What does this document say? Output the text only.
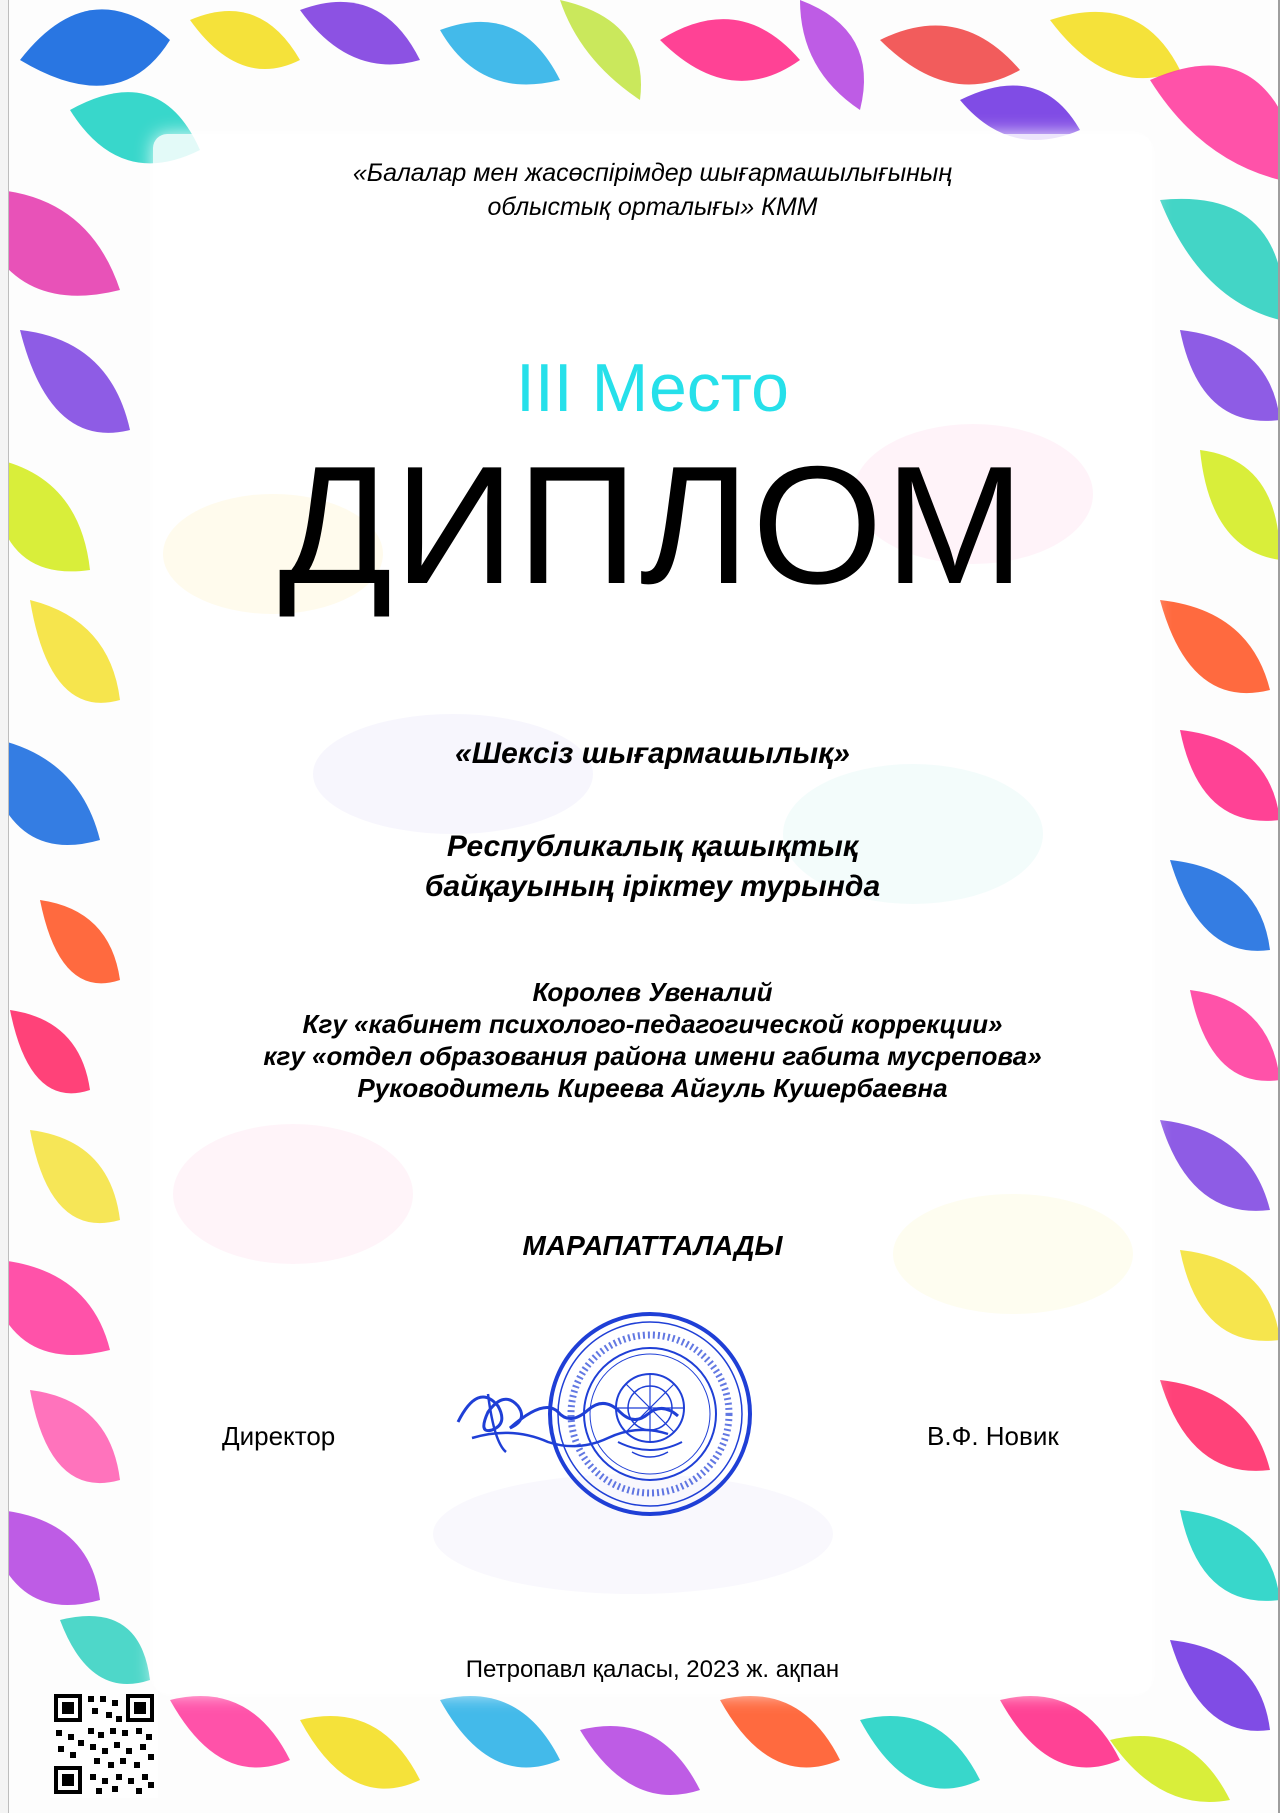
«Балалар мен жасөспірімдер шығармашылығының
облыстық орталығы» КММ

III Место

ДИПЛОМ

«Шексіз шығармашылық»

Республикалық қашықтық
байқауының іріктеу турында

Королев Увеналий
Кгу «кабинет психолого-педагогической коррекции»
кгу «отдел образования района имени габита мусрепова»
Руководитель Киреева Айгуль Кушербаевна

МАРАПАТТАЛАДЫ

Директор	В.Ф. Новик

Петропавл қаласы, 2023 ж. ақпан
